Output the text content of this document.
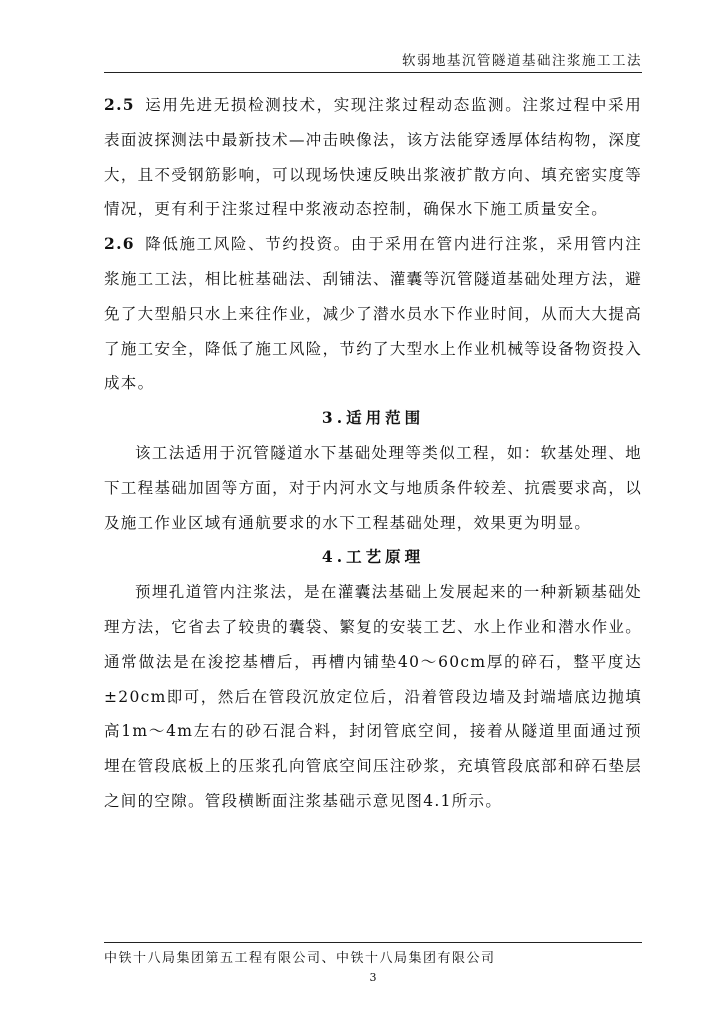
软弱地基沉管隧道基础注浆施工工法

2.5 运用先进无损检测技术，实现注浆过程动态监测。注浆过程中采用表面波探测法中最新技术—冲击映像法，该方法能穿透厚体结构物，深度大，且不受钢筋影响，可以现场快速反映出浆液扩散方向、填充密实度等情况，更有利于注浆过程中浆液动态控制，确保水下施工质量安全。

2.6 降低施工风险、节约投资。由于采用在管内进行注浆，采用管内注浆施工工法，相比桩基础法、刮铺法、灌囊等沉管隧道基础处理方法，避免了大型船只水上来往作业，减少了潜水员水下作业时间，从而大大提高了施工安全，降低了施工风险，节约了大型水上作业机械等设备物资投入成本。

3.适用范围

该工法适用于沉管隧道水下基础处理等类似工程，如：软基处理、地下工程基础加固等方面，对于内河水文与地质条件较差、抗震要求高，以及施工作业区域有通航要求的水下工程基础处理，效果更为明显。

4.工艺原理

预埋孔道管内注浆法，是在灌囊法基础上发展起来的一种新颖基础处理方法，它省去了较贵的囊袋、繁复的安装工艺、水上作业和潜水作业。通常做法是在浚挖基槽后，再槽内铺垫40～60cm厚的碎石，整平度达±20cm即可，然后在管段沉放定位后，沿着管段边墙及封端墙底边抛填高1m～4m左右的砂石混合料，封闭管底空间，接着从隧道里面通过预埋在管段底板上的压浆孔向管底空间压注砂浆，充填管段底部和碎石垫层之间的空隙。管段横断面注浆基础示意见图4.1所示。

中铁十八局集团第五工程有限公司、中铁十八局集团有限公司
3
